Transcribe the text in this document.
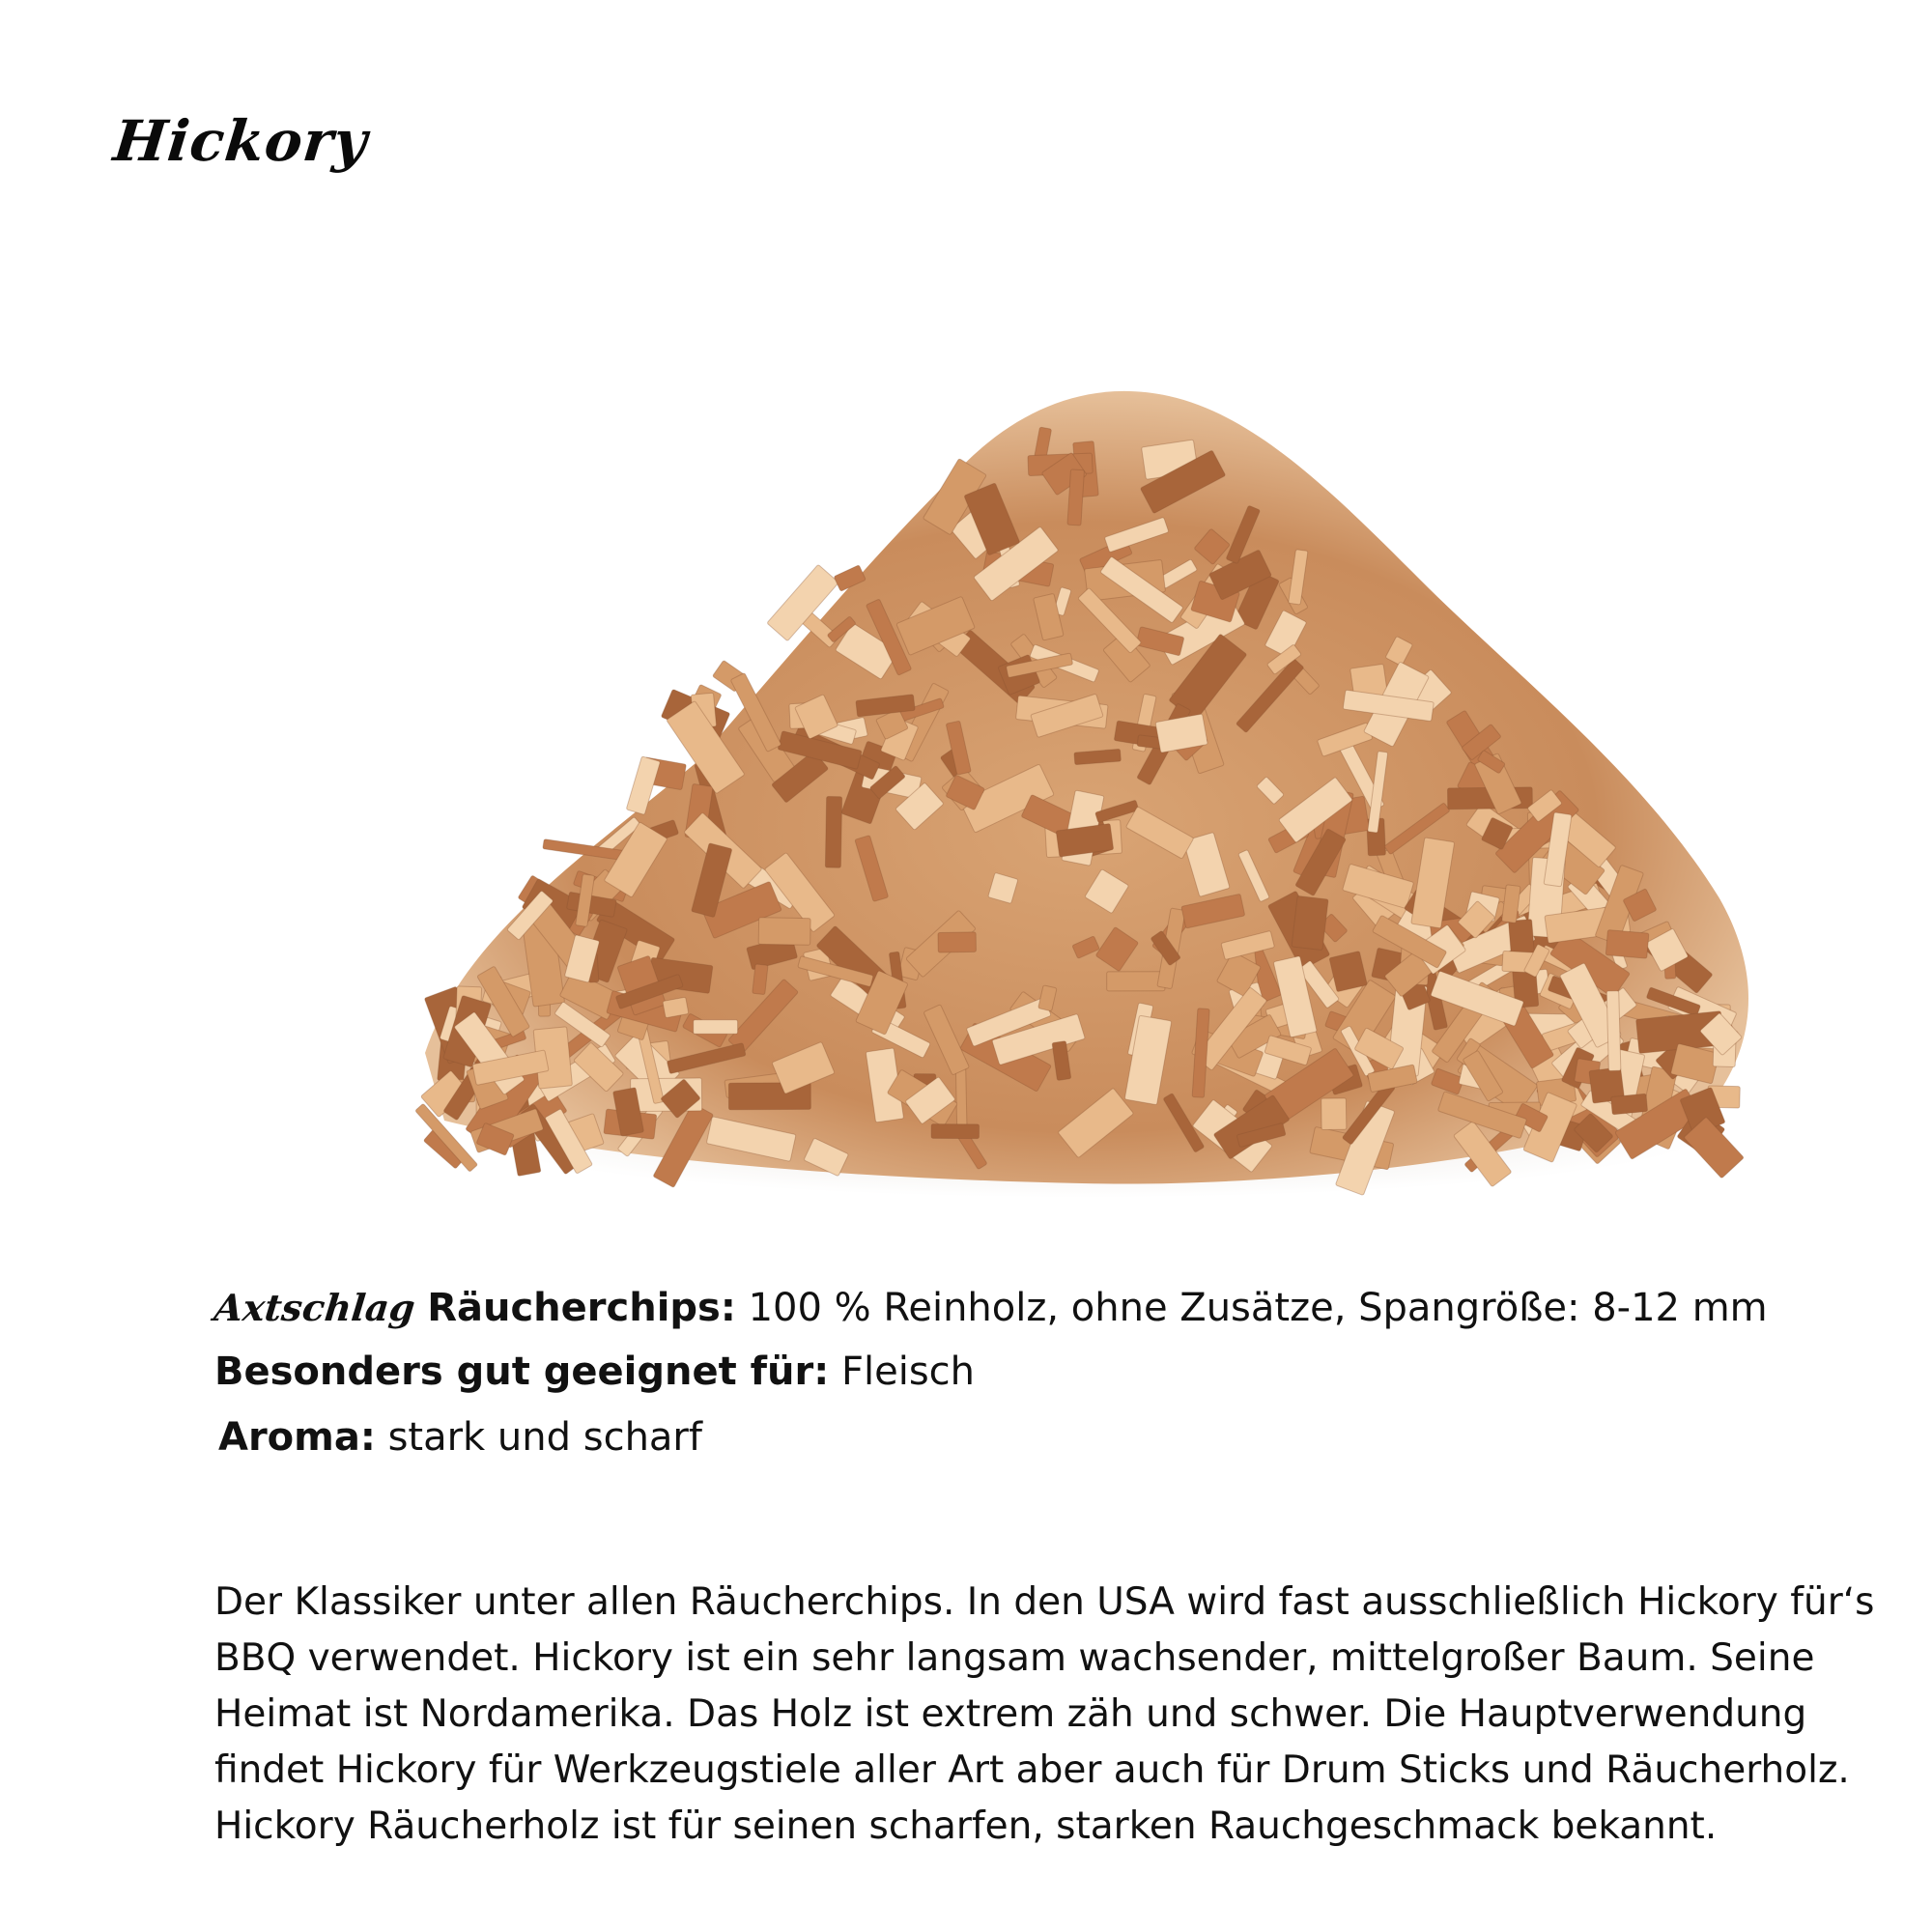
Hickory
Axtschlag Räucherchips: 100 % Reinholz, ohne Zusätze, Spangröße: 8-12 mm
Besonders gut geeignet für: Fleisch
Aroma: stark und scharf
Der Klassiker unter allen Räucherchips. In den USA wird fast ausschließlich Hickory für‘s
BBQ verwendet. Hickory ist ein sehr langsam wachsender, mittelgroßer Baum. Seine
Heimat ist Nordamerika. Das Holz ist extrem zäh und schwer. Die Hauptverwendung
findet Hickory für Werkzeugstiele aller Art aber auch für Drum Sticks und Räucherholz.
Hickory Räucherholz ist für seinen scharfen, starken Rauchgeschmack bekannt.
